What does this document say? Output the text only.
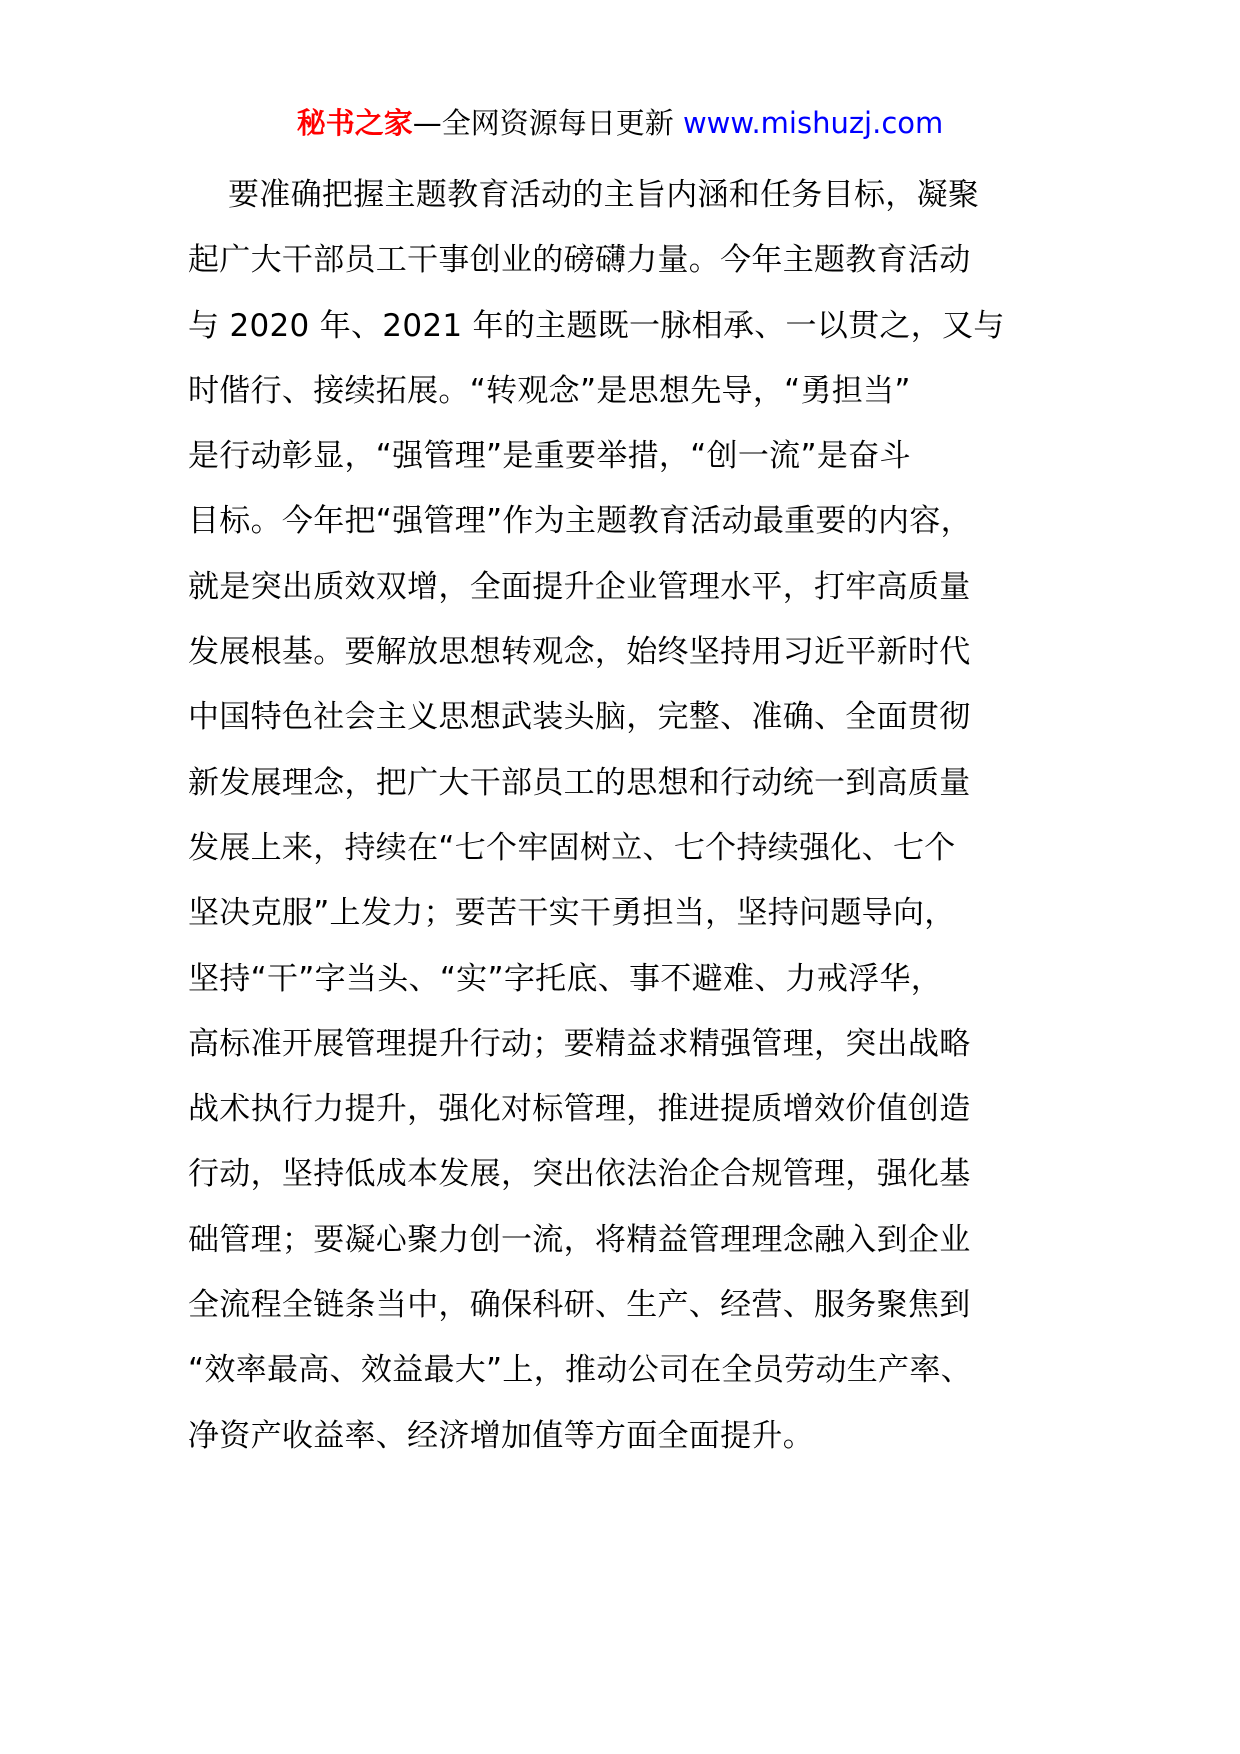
秘书之家—全网资源每日更新 www.mishuzj.com
要准确把握主题教育活动的主旨内涵和任务目标，凝聚
起广大干部员工干事创业的磅礴力量。今年主题教育活动
与 2020 年、2021 年的主题既一脉相承、一以贯之，又与
时偕行、接续拓展。“转观念”是思想先导，“勇担当”
是行动彰显，“强管理”是重要举措，“创一流”是奋斗
目标。今年把“强管理”作为主题教育活动最重要的内容，
就是突出质效双增，全面提升企业管理水平，打牢高质量
发展根基。要解放思想转观念，始终坚持用习近平新时代
中国特色社会主义思想武装头脑，完整、准确、全面贯彻
新发展理念，把广大干部员工的思想和行动统一到高质量
发展上来，持续在“七个牢固树立、七个持续强化、七个
坚决克服”上发力；要苦干实干勇担当，坚持问题导向，
坚持“干”字当头、“实”字托底、事不避难、力戒浮华，
高标准开展管理提升行动；要精益求精强管理，突出战略
战术执行力提升，强化对标管理，推进提质增效价值创造
行动，坚持低成本发展，突出依法治企合规管理，强化基
础管理；要凝心聚力创一流，将精益管理理念融入到企业
全流程全链条当中，确保科研、生产、经营、服务聚焦到
“效率最高、效益最大”上，推动公司在全员劳动生产率、
净资产收益率、经济增加值等方面全面提升。
